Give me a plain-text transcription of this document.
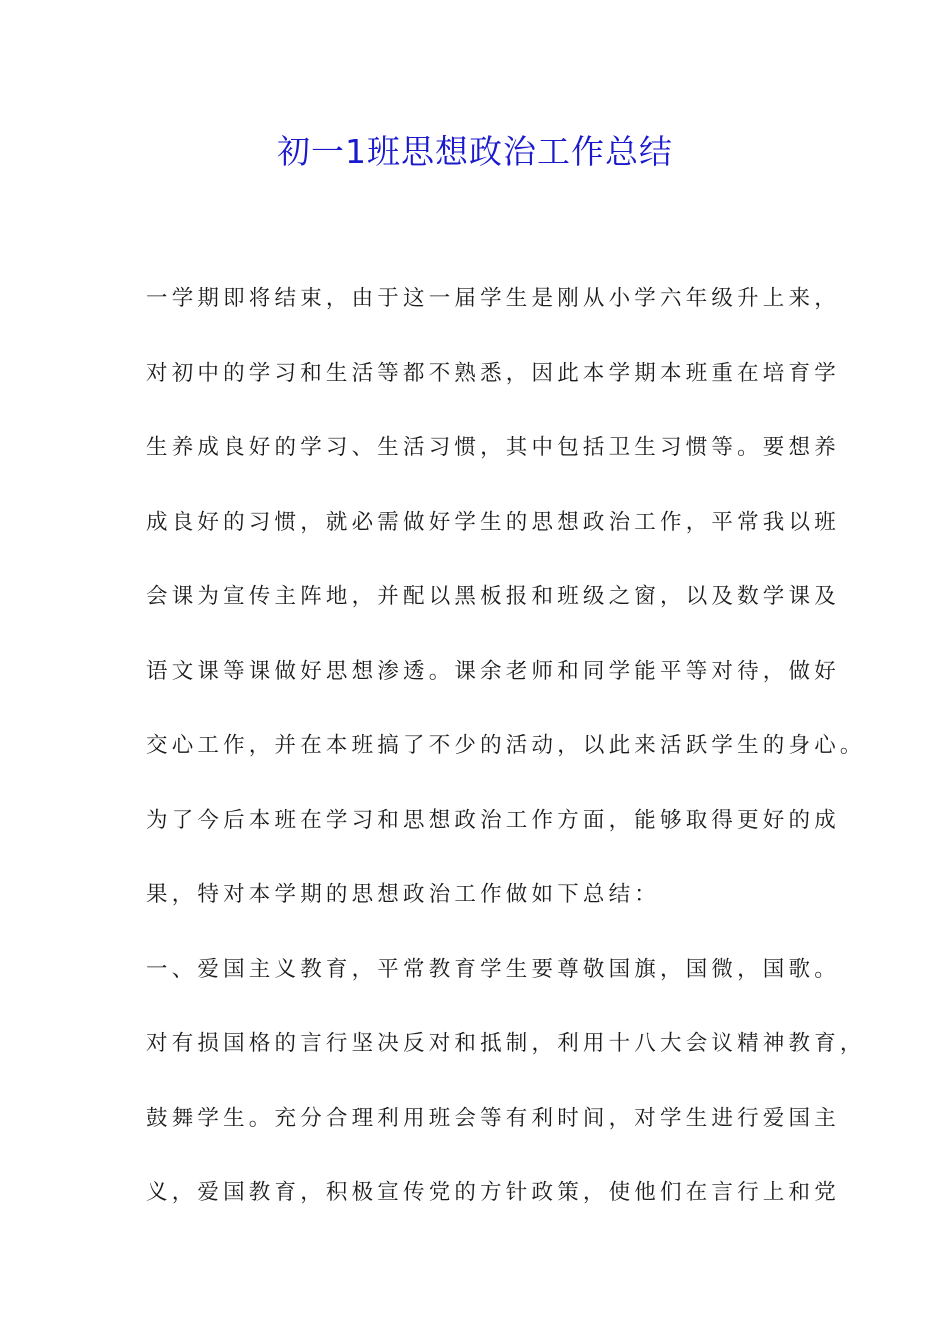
初一1班思想政治工作总结

一学期即将结束，由于这一届学生是刚从小学六年级升上来，

对初中的学习和生活等都不熟悉，因此本学期本班重在培育学

生养成良好的学习、生活习惯，其中包括卫生习惯等。要想养

成良好的习惯，就必需做好学生的思想政治工作，平常我以班

会课为宣传主阵地，并配以黑板报和班级之窗，以及数学课及

语文课等课做好思想渗透。课余老师和同学能平等对待，做好

交心工作，并在本班搞了不少的活动，以此来活跃学生的身心。

为了今后本班在学习和思想政治工作方面，能够取得更好的成

果，特对本学期的思想政治工作做如下总结：

一、爱国主义教育，平常教育学生要尊敬国旗，国微，国歌。

对有损国格的言行坚决反对和抵制，利用十八大会议精神教育，

鼓舞学生。充分合理利用班会等有利时间，对学生进行爱国主

义，爱国教育，积极宣传党的方针政策，使他们在言行上和党
